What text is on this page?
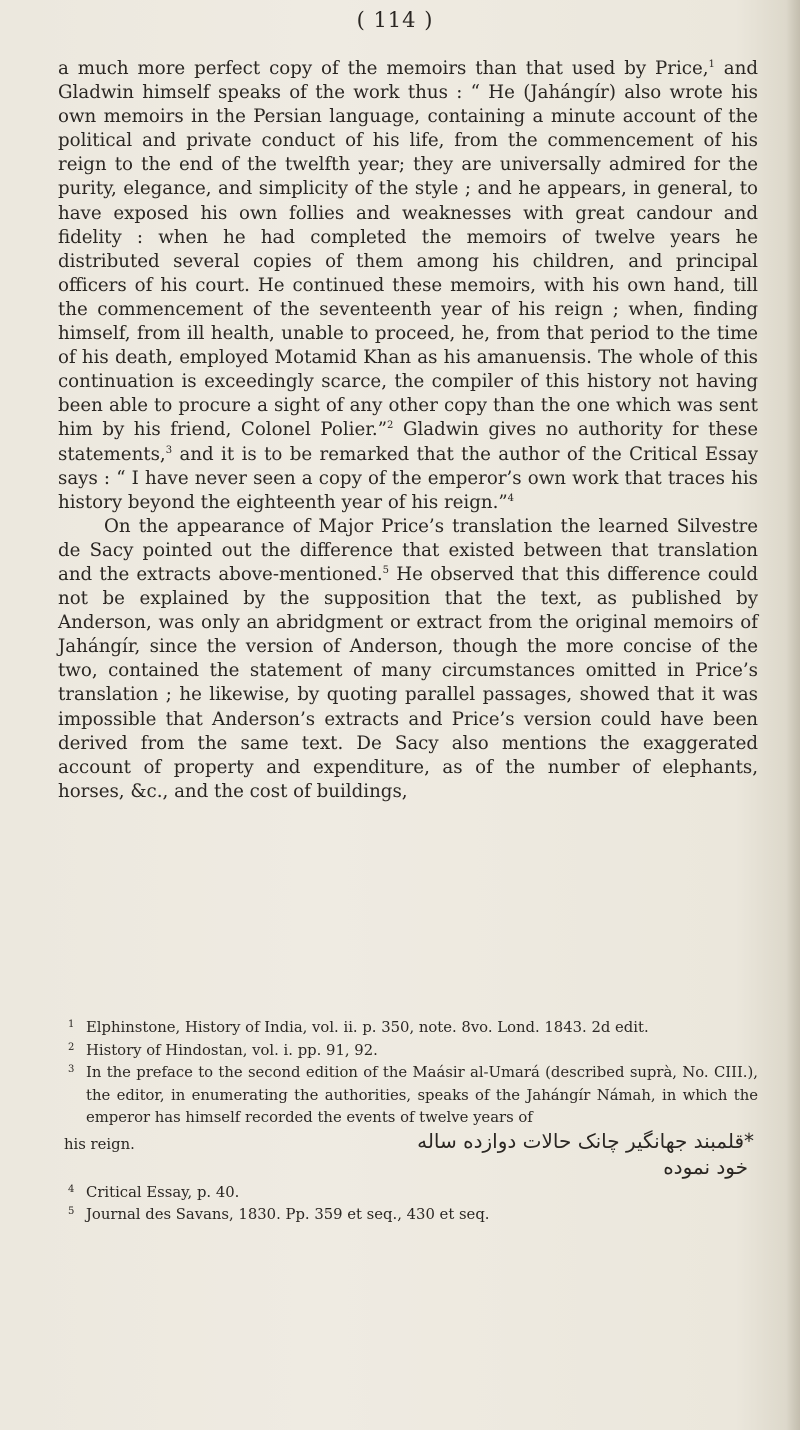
( 114 )

a much more perfect copy of the memoirs than that used by Price,$^1$ and Gladwin himself speaks of the work thus : “ He (Jahángír) also wrote his own memoirs in the Persian language, containing a minute account of the political and private conduct of his life, from the commencement of his reign to the end of the twelfth year; they are universally admired for the purity, elegance, and simplicity of the style ; and he appears, in general, to have exposed his own follies and weaknesses with great candour and fidelity : when he had completed the memoirs of twelve years he distributed several copies of them among his children, and principal officers of his court. He continued these memoirs, with his own hand, till the commencement of the seventeenth year of his reign ; when, finding himself, from ill health, unable to proceed, he, from that period to the time of his death, employed Motamid Khan as his amanuensis. The whole of this continuation is exceedingly scarce, the compiler of this history not having been able to procure a sight of any other copy than the one which was sent him by his friend, Colonel Polier.”$^2$ Gladwin gives no authority for these statements,$^3$ and it is to be remarked that the author of the Critical Essay says : “ I have never seen a copy of the emperor’s own work that traces his history beyond the eighteenth year of his reign.”$^4$

On the appearance of Major Price’s translation the learned Silvestre de Sacy pointed out the difference that existed between that translation and the extracts above-mentioned.$^5$ He observed that this difference could not be explained by the supposition that the text, as published by Anderson, was only an abridgment or extract from the original memoirs of Jahángír, since the version of Anderson, though the more concise of the two, contained the statement of many circumstances omitted in Price’s translation ; he likewise, by quoting parallel passages, showed that it was impossible that Anderson’s extracts and Price’s version could have been derived from the same text. De Sacy also mentions the exaggerated account of property and expenditure, as of the number of elephants, horses, &c., and the cost of buildings,

1 Elphinstone, History of India, vol. ii. p. 350, note. 8vo. Lond. 1843. 2d edit.

2 History of Hindostan, vol. i. pp. 91, 92.

3 In the preface to the second edition of the Maásir al-Umará (described suprà, No. CIII.), the editor, in enumerating the authorities, speaks of the Jahángír Námah, in which the emperor has himself recorded the events of twelve years of

his reign.	*ﻗﻠﻤﺒﻨﺪ ﺟﻬﺎﻧﮕﻴﺮ ﭼﺎﻧﮏ ﺣﺎﻻﺕ ﺩﻭﺍﺯﺩﻩ ﺳﺎﻟﻪ
ﺧﻮﺩ ﻧﻤﻮﺩﻩ

4 Critical Essay, p. 40.

5 Journal des Savans, 1830. Pp. 359 et seq., 430 et seq.
